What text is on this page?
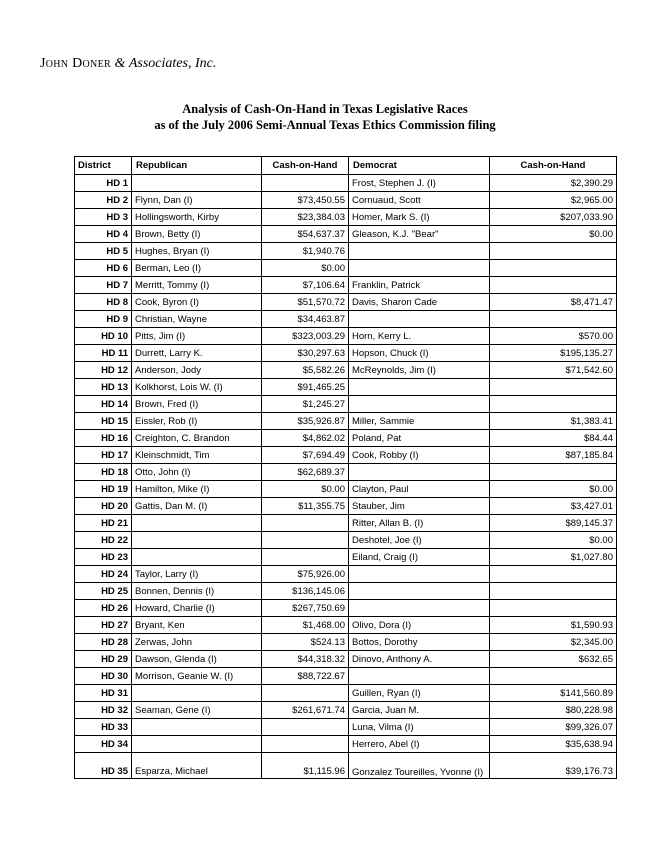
John Doner & Associates, Inc.
Analysis of Cash-On-Hand in Texas Legislative Races
as of the July 2006 Semi-Annual Texas Ethics Commission filing
District	Republican	Cash-on-Hand	Democrat	Cash-on-Hand
HD 1			Frost, Stephen J. (I)	$2,390.29
HD 2	Flynn, Dan (I)	$73,450.55	Cornuaud, Scott	$2,965.00
HD 3	Hollingsworth, Kirby	$23,384.03	Homer, Mark S. (I)	$207,033.90
HD 4	Brown, Betty (I)	$54,637.37	Gleason, K.J. "Bear"	$0.00
HD 5	Hughes, Bryan (I)	$1,940.76		
HD 6	Berman, Leo (I)	$0.00		
HD 7	Merritt, Tommy (I)	$7,106.64	Franklin, Patrick	
HD 8	Cook, Byron (I)	$51,570.72	Davis, Sharon Cade	$8,471.47
HD 9	Christian, Wayne	$34,463.87		
HD 10	Pitts, Jim (I)	$323,003.29	Horn, Kerry L.	$570.00
HD 11	Durrett, Larry K.	$30,297.63	Hopson, Chuck (I)	$195,135.27
HD 12	Anderson, Jody	$5,582.26	McReynolds, Jim (I)	$71,542.60
HD 13	Kolkhorst, Lois W. (I)	$91,465.25		
HD 14	Brown, Fred (I)	$1,245.27		
HD 15	Eissler, Rob (I)	$35,926.87	Miller, Sammie	$1,383.41
HD 16	Creighton, C. Brandon	$4,862.02	Poland, Pat	$84.44
HD 17	Kleinschmidt, Tim	$7,694.49	Cook, Robby (I)	$87,185.84
HD 18	Otto, John (I)	$62,689.37		
HD 19	Hamilton, Mike (I)	$0.00	Clayton, Paul	$0.00
HD 20	Gattis, Dan M. (I)	$11,355.75	Stauber, Jim	$3,427.01
HD 21			Ritter, Allan B. (I)	$89,145.37
HD 22			Deshotel, Joe (I)	$0.00
HD 23			Eiland, Craig (I)	$1,027.80
HD 24	Taylor, Larry (I)	$75,926.00		
HD 25	Bonnen, Dennis (I)	$136,145.06		
HD 26	Howard, Charlie (I)	$267,750.69		
HD 27	Bryant, Ken	$1,468.00	Olivo, Dora (I)	$1,590.93
HD 28	Zerwas, John	$524.13	Bottos, Dorothy	$2,345.00
HD 29	Dawson, Glenda (I)	$44,318.32	Dinovo, Anthony A.	$632.65
HD 30	Morrison, Geanie W. (I)	$88,722.67		
HD 31			Guillen, Ryan (I)	$141,560.89
HD 32	Seaman, Gene (I)	$261,671.74	Garcia, Juan M.	$80,228.98
HD 33			Luna, Vilma (I)	$99,326.07
HD 34			Herrero, Abel (I)	$35,638.94
HD 35	Esparza, Michael	$1,115.96	Gonzalez Toureilles, Yvonne (I)	$39,176.73
